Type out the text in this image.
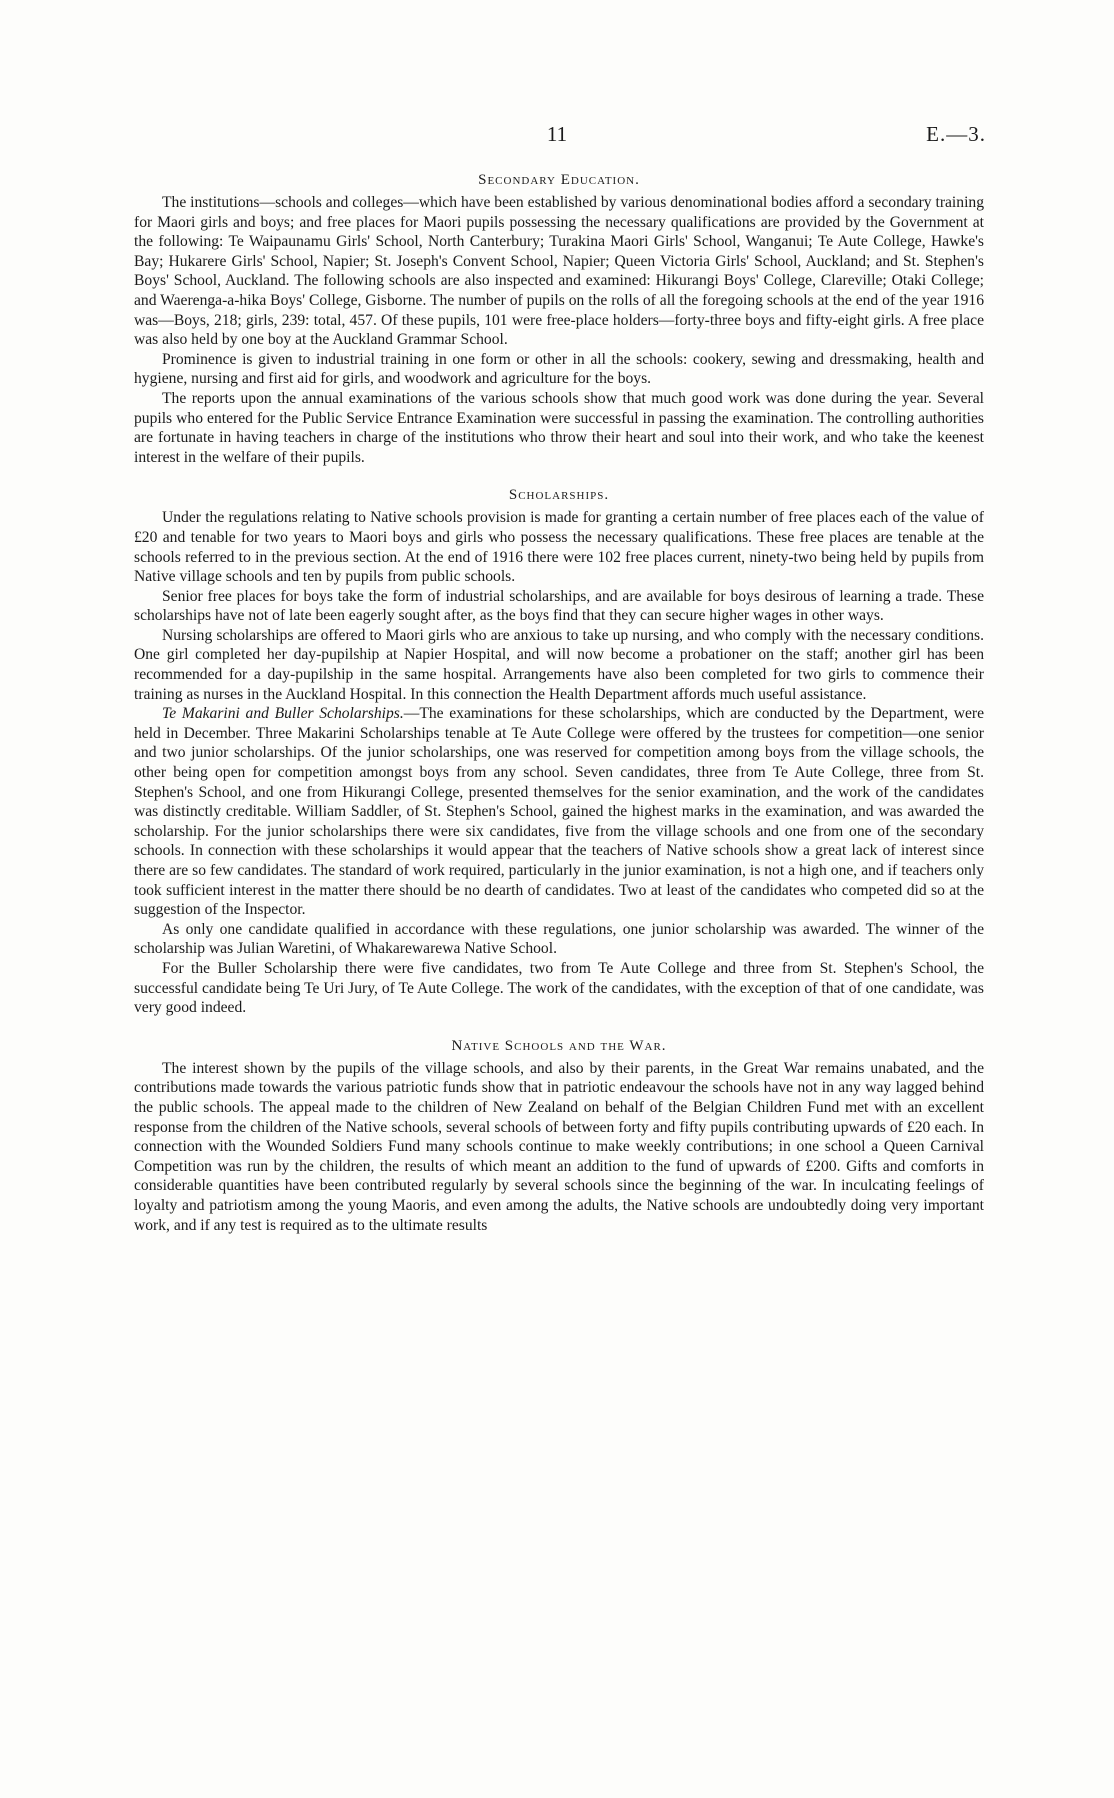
11	E.—3.
Secondary Education.

The institutions—schools and colleges—which have been established by various denominational bodies afford a secondary training for Maori girls and boys; and free places for Maori pupils possessing the necessary qualifications are provided by the Government at the following: Te Waipaunamu Girls' School, North Canterbury; Turakina Maori Girls' School, Wanganui; Te Aute College, Hawke's Bay; Hukarere Girls' School, Napier; St. Joseph's Convent School, Napier; Queen Victoria Girls' School, Auckland; and St. Stephen's Boys' School, Auckland. The following schools are also inspected and examined: Hikurangi Boys' College, Clareville; Otaki College; and Waerenga-a-hika Boys' College, Gisborne. The number of pupils on the rolls of all the foregoing schools at the end of the year 1916 was—Boys, 218; girls, 239: total, 457. Of these pupils, 101 were free-place holders—forty-three boys and fifty-eight girls. A free place was also held by one boy at the Auckland Grammar School.

Prominence is given to industrial training in one form or other in all the schools: cookery, sewing and dressmaking, health and hygiene, nursing and first aid for girls, and woodwork and agriculture for the boys.

The reports upon the annual examinations of the various schools show that much good work was done during the year. Several pupils who entered for the Public Service Entrance Examination were successful in passing the examination. The controlling authorities are fortunate in having teachers in charge of the institutions who throw their heart and soul into their work, and who take the keenest interest in the welfare of their pupils.

Scholarships.

Under the regulations relating to Native schools provision is made for granting a certain number of free places each of the value of £20 and tenable for two years to Maori boys and girls who possess the necessary qualifications. These free places are tenable at the schools referred to in the previous section. At the end of 1916 there were 102 free places current, ninety-two being held by pupils from Native village schools and ten by pupils from public schools.

Senior free places for boys take the form of industrial scholarships, and are available for boys desirous of learning a trade. These scholarships have not of late been eagerly sought after, as the boys find that they can secure higher wages in other ways.

Nursing scholarships are offered to Maori girls who are anxious to take up nursing, and who comply with the necessary conditions. One girl completed her day-pupilship at Napier Hospital, and will now become a probationer on the staff; another girl has been recommended for a day-pupilship in the same hospital. Arrangements have also been completed for two girls to commence their training as nurses in the Auckland Hospital. In this connection the Health Department affords much useful assistance.

Te Makarini and Buller Scholarships.—The examinations for these scholarships, which are conducted by the Department, were held in December. Three Makarini Scholarships tenable at Te Aute College were offered by the trustees for competition—one senior and two junior scholarships. Of the junior scholarships, one was reserved for competition among boys from the village schools, the other being open for competition amongst boys from any school. Seven candidates, three from Te Aute College, three from St. Stephen's School, and one from Hikurangi College, presented themselves for the senior examination, and the work of the candidates was distinctly creditable. William Saddler, of St. Stephen's School, gained the highest marks in the examination, and was awarded the scholarship. For the junior scholarships there were six candidates, five from the village schools and one from one of the secondary schools. In connection with these scholarships it would appear that the teachers of Native schools show a great lack of interest since there are so few candidates. The standard of work required, particularly in the junior examination, is not a high one, and if teachers only took sufficient interest in the matter there should be no dearth of candidates. Two at least of the candidates who competed did so at the suggestion of the Inspector.

As only one candidate qualified in accordance with these regulations, one junior scholarship was awarded. The winner of the scholarship was Julian Waretini, of Whakarewarewa Native School.

For the Buller Scholarship there were five candidates, two from Te Aute College and three from St. Stephen's School, the successful candidate being Te Uri Jury, of Te Aute College. The work of the candidates, with the exception of that of one candidate, was very good indeed.

Native Schools and the War.

The interest shown by the pupils of the village schools, and also by their parents, in the Great War remains unabated, and the contributions made towards the various patriotic funds show that in patriotic endeavour the schools have not in any way lagged behind the public schools. The appeal made to the children of New Zealand on behalf of the Belgian Children Fund met with an excellent response from the children of the Native schools, several schools of between forty and fifty pupils contributing upwards of £20 each. In connection with the Wounded Soldiers Fund many schools continue to make weekly contributions; in one school a Queen Carnival Competition was run by the children, the results of which meant an addition to the fund of upwards of £200. Gifts and comforts in considerable quantities have been contributed regularly by several schools since the beginning of the war. In inculcating feelings of loyalty and patriotism among the young Maoris, and even among the adults, the Native schools are undoubtedly doing very important work, and if any test is required as to the ultimate results
